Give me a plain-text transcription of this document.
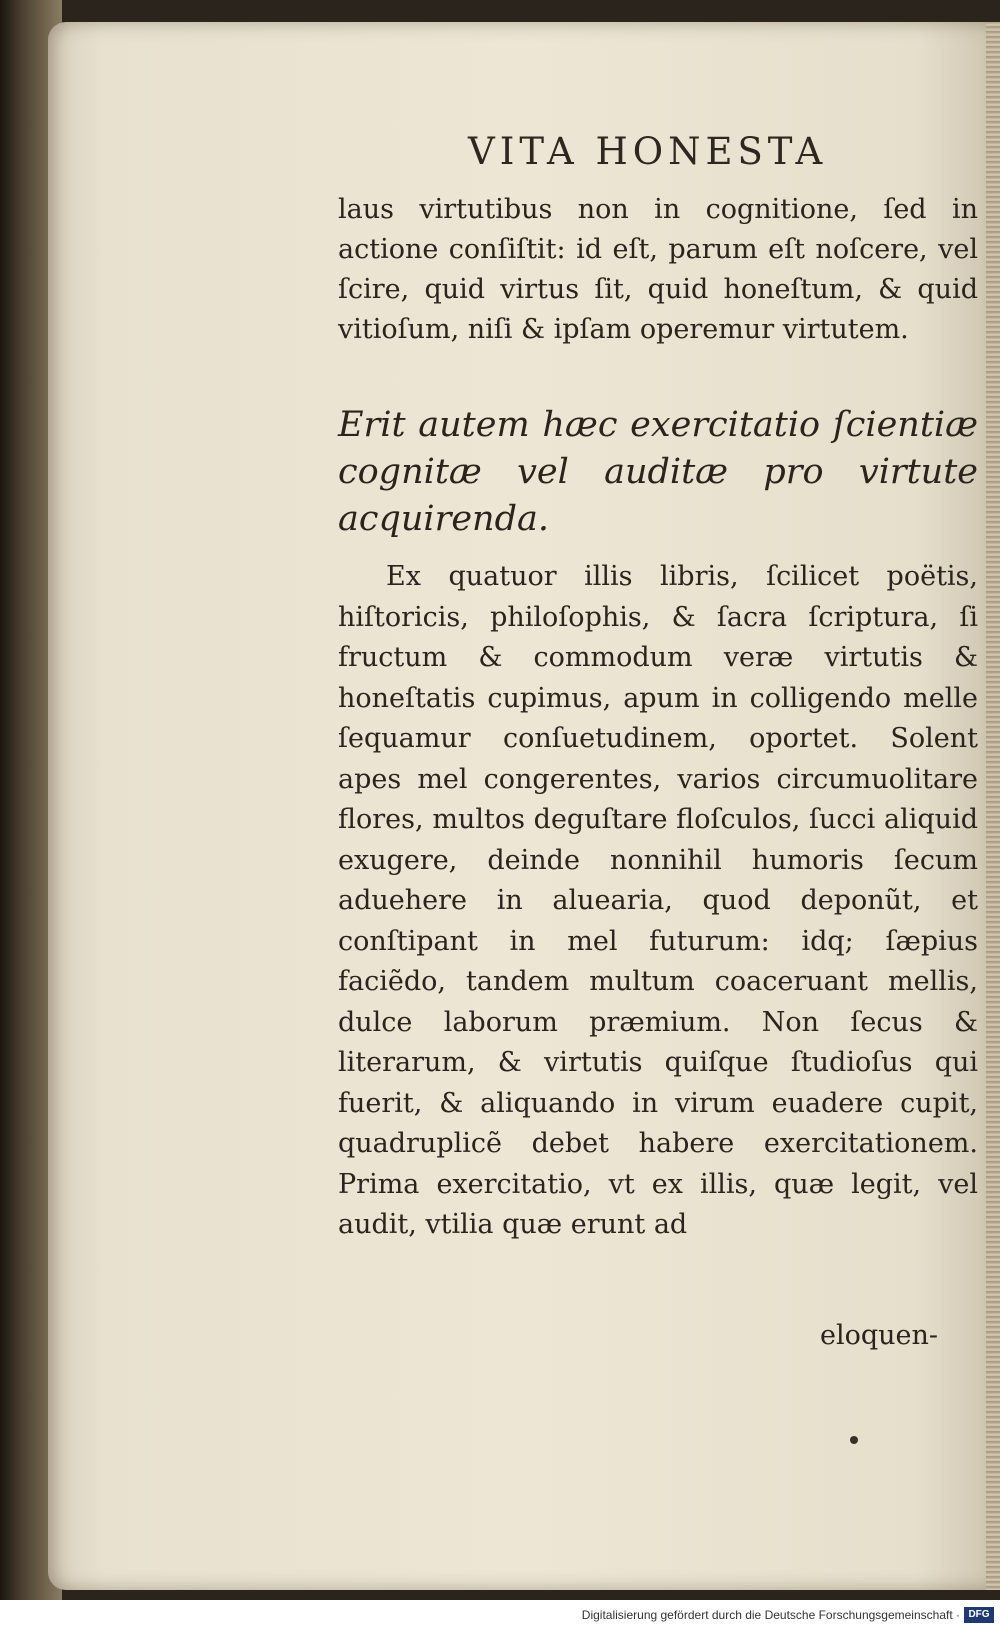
VITA HONESTA

laus virtutibus non in cognitione, ſed in actione conſiſtit: id eſt, parum eſt noſcere, vel ſcire, quid virtus ſit, quid honeſtum, & quid vitioſum, niſi & ipſam operemur virtutem.

Erit autem hæc exercitatio ſcientiæ cognitæ vel auditæ pro virtute acquirenda.

Ex quatuor illis libris, ſcilicet poëtis, hiſtoricis, philoſophis, & ſacra ſcriptura, ſi fructum & commodum veræ virtutis & honeſtatis cupimus, apum in colligendo melle ſequamur conſuetudinem, oportet. Solent apes mel congerentes, varios circumuolitare flores, multos deguſtare floſculos, ſucci aliquid exugere, deinde nonnihil humoris ſecum aduehere in aluearia, quod deponũt, et conſtipant in mel futurum: idq; ſæpius faciẽdo, tandem multum coaceruant mellis, dulce laborum præmium. Non ſecus & literarum, & virtutis quiſque ſtudioſus qui fuerit, & aliquando in virum euadere cupit, quadruplicẽ debet habere exercitationem. Prima exercitatio, vt ex illis, quæ legit, vel audit, vtilia quæ erunt ad

eloquen-

Digitalisierung gefördert durch die Deutsche Forschungsgemeinschaft · DFG
